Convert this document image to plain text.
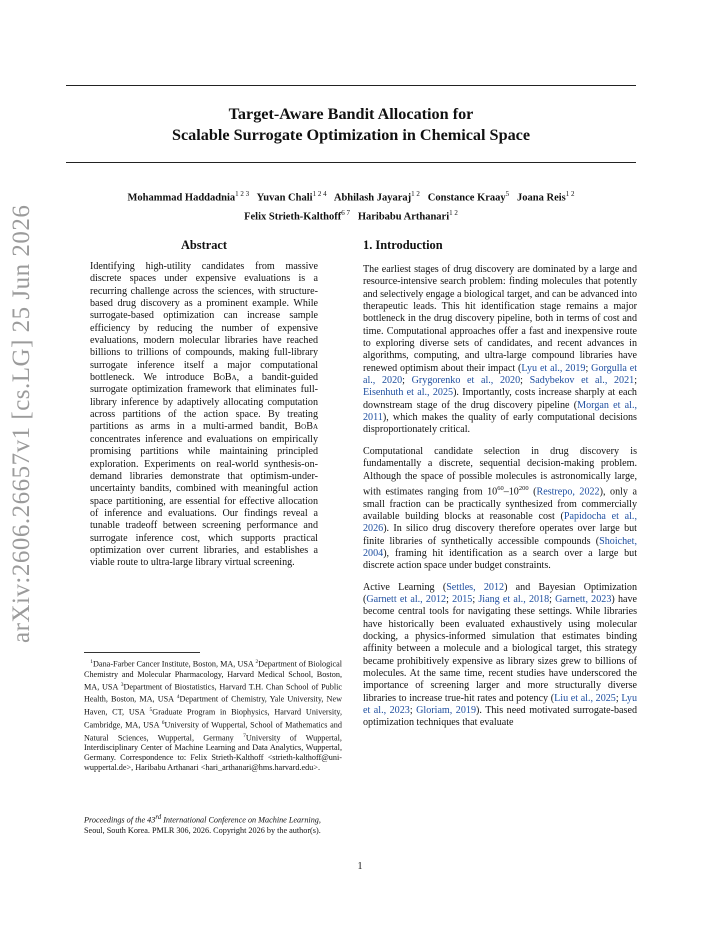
arXiv:2606.26657v1 [cs.LG] 25 Jun 2026
Target-Aware Bandit Allocation for
Scalable Surrogate Optimization in Chemical Space
Mohammad Haddadnia$^{1 2 3}$ Yuvan Chali$^{1 2 4}$ Abhilash Jayaraj$^{1 2}$ Constance Kraay$^5$ Joana Reis$^{1 2}$
Felix Strieth-Kalthoff$^{6 7}$ Haribabu Arthanari$^{1 2}$
Abstract
Identifying high-utility candidates from massive discrete spaces under expensive evaluations is a recurring challenge across the sciences, with structure-based drug discovery as a prominent example. While surrogate-based optimization can increase sample efficiency by reducing the number of expensive evaluations, modern molecular libraries have reached billions to trillions of compounds, making full-library surrogate inference itself a major computational bottleneck. We introduce BoBa, a bandit-guided surrogate optimization framework that eliminates full-library inference by adaptively allocating computation across partitions of the action space. By treating partitions as arms in a multi-armed bandit, BoBa concentrates inference and evaluations on empirically promising partitions while maintaining principled exploration. Experiments on real-world synthesis-on-demand libraries demonstrate that optimism-under-uncertainty bandits, combined with meaningful action space partitioning, are essential for effective allocation of inference and evaluations. Our findings reveal a tunable tradeoff between screening performance and surrogate inference cost, which supports practical optimization over current libraries, and establishes a viable route to ultra-large library virtual screening.
$^1$Dana-Farber Cancer Institute, Boston, MA, USA $^2$Department of Biological Chemistry and Molecular Pharmacology, Harvard Medical School, Boston, MA, USA $^3$Department of Biostatistics, Harvard T.H. Chan School of Public Health, Boston, MA, USA $^4$Department of Chemistry, Yale University, New Haven, CT, USA $^5$Graduate Program in Biophysics, Harvard University, Cambridge, MA, USA $^6$University of Wuppertal, School of Mathematics and Natural Sciences, Wuppertal, Germany $^7$University of Wuppertal, Interdisciplinary Center of Machine Learning and Data Analytics, Wuppertal, Germany. Correspondence to: Felix Strieth-Kalthoff <strieth-kalthoff@uni-wuppertal.de>, Haribabu Arthanari <hari_arthanari@hms.harvard.edu>.
Proceedings of the 43rd International Conference on Machine Learning, Seoul, South Korea. PMLR 306, 2026. Copyright 2026 by the author(s).
1. Introduction
The earliest stages of drug discovery are dominated by a large and resource-intensive search problem: finding molecules that potently and selectively engage a biological target, and can be advanced into therapeutic leads. This hit identification stage remains a major bottleneck in the drug discovery pipeline, both in terms of cost and time. Computational approaches offer a fast and inexpensive route to exploring diverse sets of candidates, and recent advances in algorithms, computing, and ultra-large compound libraries have renewed optimism about their impact (Lyu et al., 2019; Gorgulla et al., 2020; Grygorenko et al., 2020; Sadybekov et al., 2021; Eisenhuth et al., 2025). Importantly, costs increase sharply at each downstream stage of the drug discovery pipeline (Morgan et al., 2011), which makes the quality of early computational decisions disproportionately critical.
Computational candidate selection in drug discovery is fundamentally a discrete, sequential decision-making problem. Although the space of possible molecules is astronomically large, with estimates ranging from $10^{60}-10^{200}$ (Restrepo, 2022), only a small fraction can be practically synthesized from commercially available building blocks at reasonable cost (Papidocha et al., 2026). In silico drug discovery therefore operates over large but finite libraries of synthetically accessible compounds (Shoichet, 2004), framing hit identification as a search over a large but discrete action space under budget constraints.
Active Learning (Settles, 2012) and Bayesian Optimization (Garnett et al., 2012; 2015; Jiang et al., 2018; Garnett, 2023) have become central tools for navigating these settings. While libraries have historically been evaluated exhaustively using molecular docking, a physics-informed simulation that estimates binding affinity between a molecule and a biological target, this strategy became prohibitively expensive as library sizes grew to billions of molecules. At the same time, recent studies have underscored the importance of screening larger and more structurally diverse libraries to increase true-hit rates and potency (Liu et al., 2025; Lyu et al., 2023; Gloriam, 2019). This need motivated surrogate-based optimization techniques that evaluate
1
